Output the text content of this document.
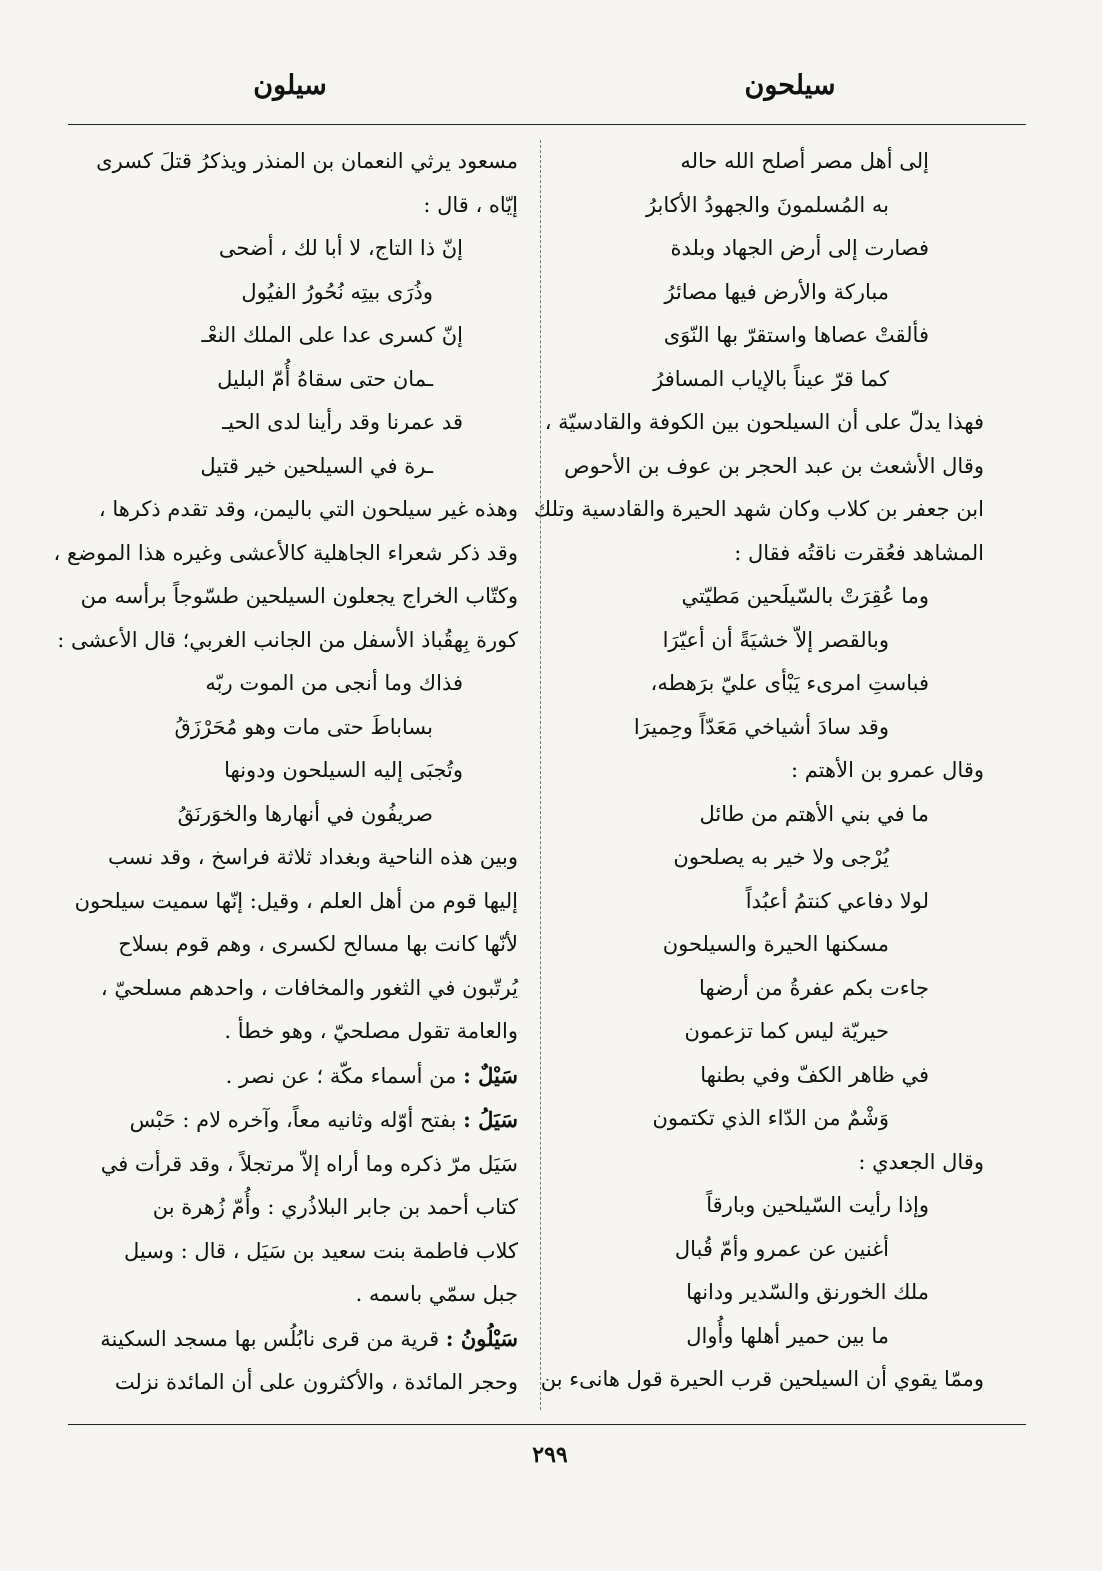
سيلحون
سيلون
إلى أهل مصر أصلح الله حاله
به المُسلمونَ والجهودُ الأكابرُ
فصارت إلى أرض الجهاد وبلدة
مباركة والأرض فيها مصائرُ
فألقتْ عصاها واستقرّ بها النّوَى
كما قرّ عيناً بالإياب المسافرُ
فهذا يدلّ على أن السيلحون بين الكوفة والقادسيّة ،
وقال الأشعث بن عبد الحجر بن عوف بن الأحوص
ابن جعفر بن كلاب وكان شهد الحيرة والقادسية وتلك
المشاهد فعُقرت ناقتُه فقال :
وما عُقِرَتْ بالسّيلَحين مَطيّتي
وبالقصر إلاّ خشيَةً أن أعيّرَا
فباستِ امرىء يَبْأى عليّ برَهطه،
وقد سادَ أشياخي مَعَدّاً وحِميرَا
وقال عمرو بن الأهتم :
ما في بني الأهتم من طائل
يُرْجى ولا خير به يصلحون
لولا دفاعي كنتمُ أعبُداً
مسكنها الحيرة والسيلحون
جاءت بكم عفرةُ من أرضها
حيريّة ليس كما تزعمون
في ظاهر الكفّ وفي بطنها
وَشْمٌ من الدّاء الذي تكتمون
وقال الجعدي :
وإذا رأيت السّيلحين وبارقاً
أغنين عن عمرو وأمّ قُبال
ملك الخورنق والسّدير ودانها
ما بين حمير أهلها وأُوال
وممّا يقوي أن السيلحين قرب الحيرة قول هانىء بن
مسعود يرثي النعمان بن المنذر ويذكرُ قتلَ كسرى
إيّاه ، قال :
إنّ ذا التاج، لا أبا لك ، أضحى
وذُرَى بيتِه نُحُورُ الفيُول
إنّ كسرى عدا على الملك النعْـ
ـمان حتى سقاهُ أُمّ البليل
قد عمرنا وقد رأينا لدى الحيـ
ـرة في السيلحين خير قتيل
وهذه غير سيلحون التي باليمن، وقد تقدم ذكرها ،
وقد ذكر شعراء الجاهلية كالأعشى وغيره هذا الموضع ،
وكتّاب الخراج يجعلون السيلحين طسّوجاً برأسه من
كورة بِهقُباذ الأسفل من الجانب الغربي؛ قال الأعشى :
فذاك وما أنجى من الموت ربّه
بساباطَ حتى مات وهو مُحَرْزَقُ
وتُجبَى إليه السيلحون ودونها
صريفُون في أنهارها والخوَرنَقُ
وبين هذه الناحية وبغداد ثلاثة فراسخ ، وقد نسب
إليها قوم من أهل العلم ، وقيل: إنّها سميت سيلحون
لأنّها كانت بها مسالح لكسرى ، وهم قوم بسلاح
يُرتّبون في الثغور والمخافات ، واحدهم مسلحيّ ،
والعامة تقول مصلحيّ ، وهو خطأ .
سَيْلٌ : من أسماء مكّة ؛ عن نصر .
سَيَلُ : بفتح أوّله وثانيه معاً، وآخره لام : حَبْس
سَيَل مرّ ذكره وما أراه إلاّ مرتجلاً ، وقد قرأت في
كتاب أحمد بن جابر البلاذُري : وأُمّ زُهرة بن
كلاب فاطمة بنت سعيد بن سَيَل ، قال : وسيل
جبل سمّي باسمه .
سَيْلُونُ : قرية من قرى نابُلُس بها مسجد السكينة
وحجر المائدة ، والأكثرون على أن المائدة نزلت
٢٩٩
